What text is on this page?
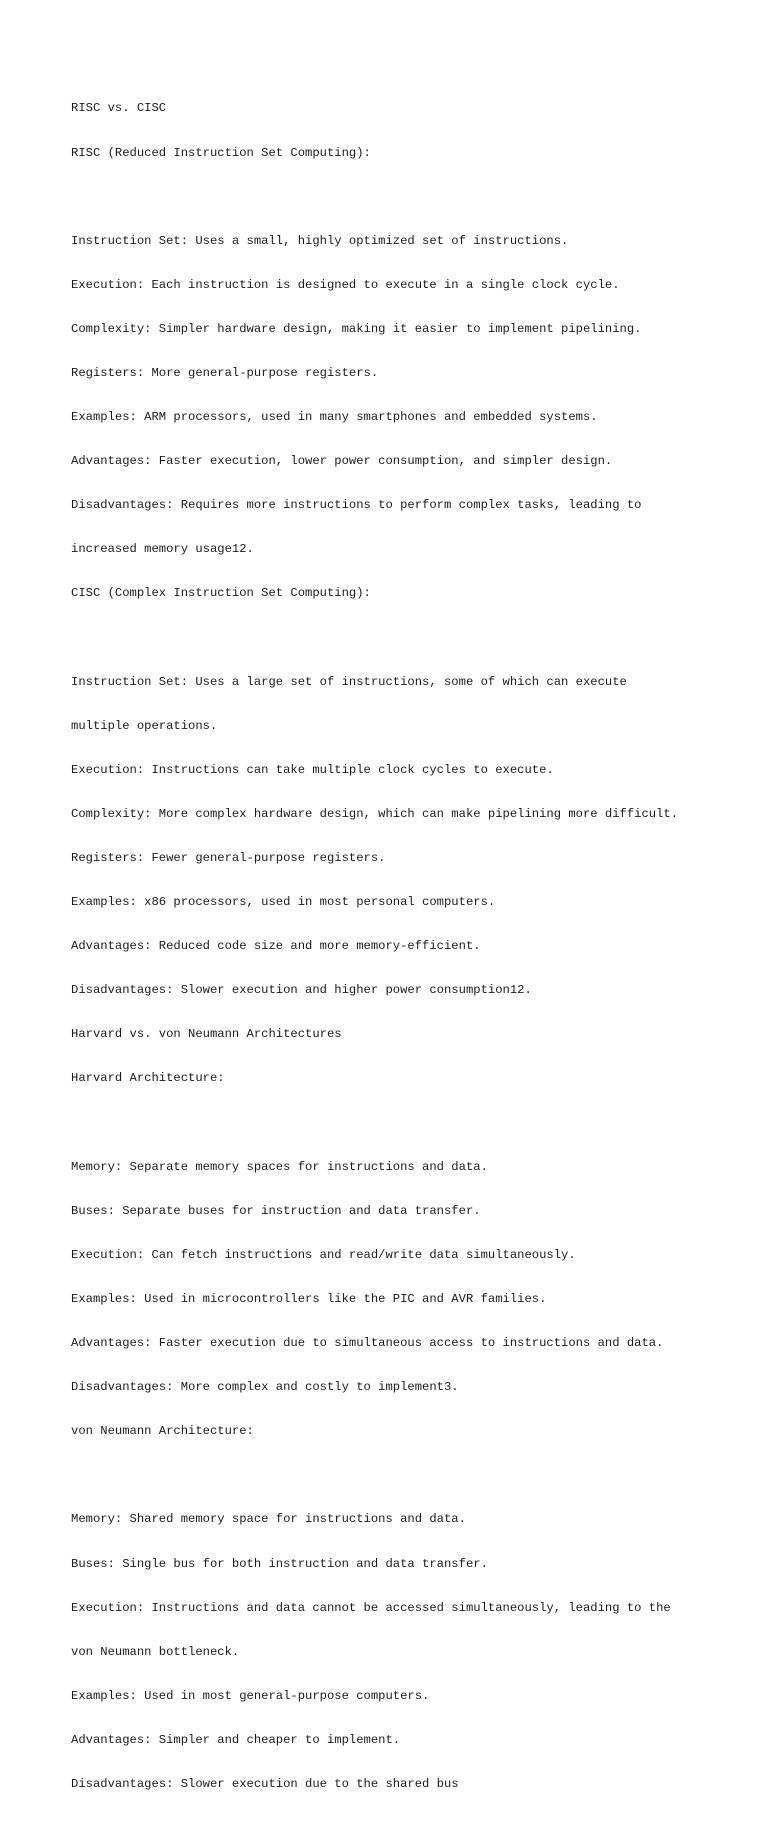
RISC vs. CISC

RISC (Reduced Instruction Set Computing):

Instruction Set: Uses a small, highly optimized set of instructions.

Execution: Each instruction is designed to execute in a single clock cycle.

Complexity: Simpler hardware design, making it easier to implement pipelining.

Registers: More general-purpose registers.

Examples: ARM processors, used in many smartphones and embedded systems.

Advantages: Faster execution, lower power consumption, and simpler design.

Disadvantages: Requires more instructions to perform complex tasks, leading to

increased memory usage12.

CISC (Complex Instruction Set Computing):

Instruction Set: Uses a large set of instructions, some of which can execute

multiple operations.

Execution: Instructions can take multiple clock cycles to execute.

Complexity: More complex hardware design, which can make pipelining more difficult.

Registers: Fewer general-purpose registers.

Examples: x86 processors, used in most personal computers.

Advantages: Reduced code size and more memory-efficient.

Disadvantages: Slower execution and higher power consumption12.

Harvard vs. von Neumann Architectures

Harvard Architecture:

Memory: Separate memory spaces for instructions and data.

Buses: Separate buses for instruction and data transfer.

Execution: Can fetch instructions and read/write data simultaneously.

Examples: Used in microcontrollers like the PIC and AVR families.

Advantages: Faster execution due to simultaneous access to instructions and data.

Disadvantages: More complex and costly to implement3.

von Neumann Architecture:

Memory: Shared memory space for instructions and data.

Buses: Single bus for both instruction and data transfer.

Execution: Instructions and data cannot be accessed simultaneously, leading to the

von Neumann bottleneck.

Examples: Used in most general-purpose computers.

Advantages: Simpler and cheaper to implement.

Disadvantages: Slower execution due to the shared bus
